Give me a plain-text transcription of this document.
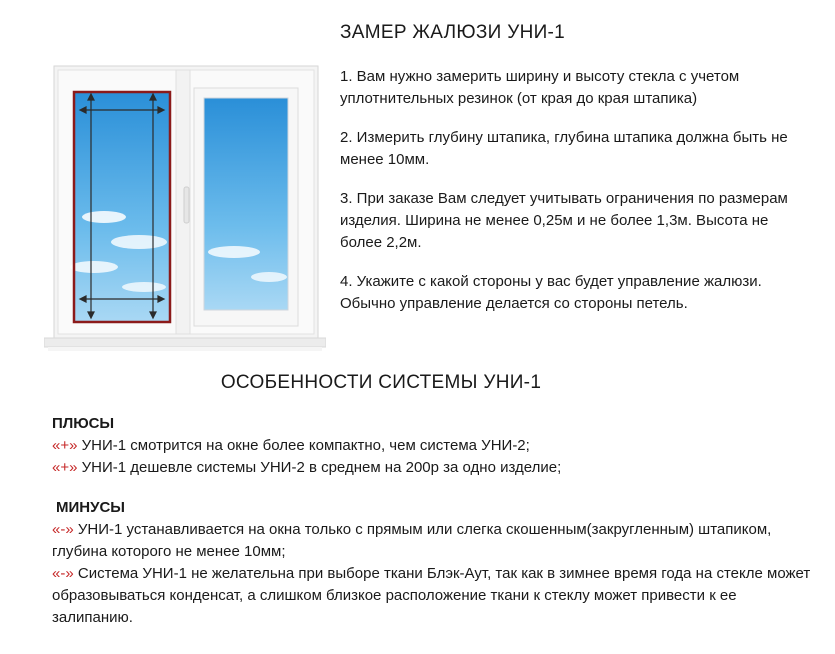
ЗАМЕР ЖАЛЮЗИ УНИ-1

1. Вам нужно замерить ширину и высоту стекла с учетом уплотнительных резинок (от края до края штапика)

2. Измерить глубину штапика, глубина штапика должна быть не менее 10мм.

3. При заказе Вам следует учитывать ограничения по размерам изделия. Ширина не менее 0,25м и не более 1,3м. Высота не более 2,2м.

4. Укажите с какой стороны у вас будет управление жалюзи. Обычно управление делается со стороны петель.

ОСОБЕННОСТИ СИСТЕМЫ УНИ-1

ПЛЮСЫ

«+» УНИ-1 смотрится на окне более компактно, чем система УНИ-2;

«+» УНИ-1 дешевле системы УНИ-2 в среднем на 200р за одно изделие;

МИНУСЫ

«-» УНИ-1 устанавливается на окна только с прямым или слегка скошенным(закругленным) штапиком, глубина которого не менее 10мм;

«-» Система УНИ-1 не желательна при выборе ткани Блэк-Аут, так как в зимнее время года на стекле может образовываться конденсат, а слишком близкое расположение ткани к стеклу может привести к ее залипанию.
